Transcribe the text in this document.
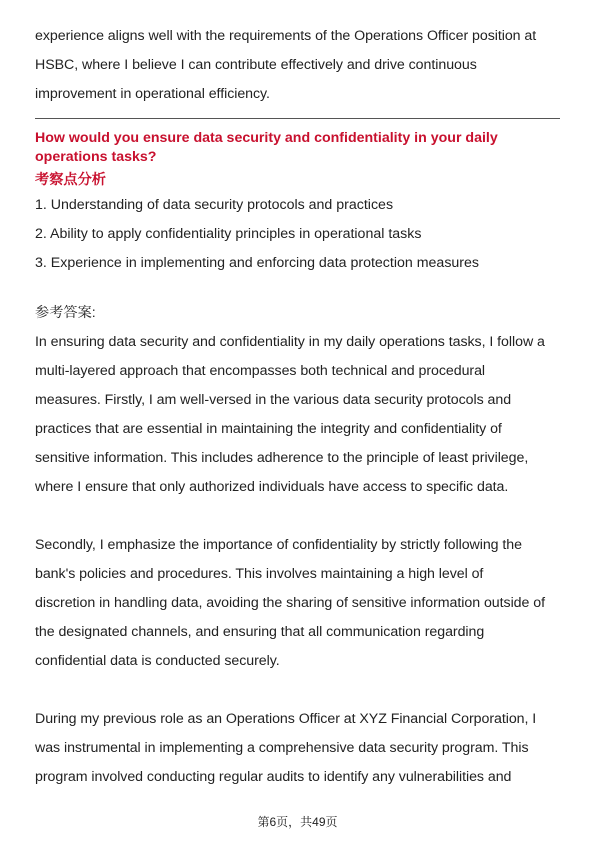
experience aligns well with the requirements of the Operations Officer position at

HSBC, where I believe I can contribute effectively and drive continuous

improvement in operational efficiency.

How would you ensure data security and confidentiality in your daily

operations tasks?

考察点分析

1. Understanding of data security protocols and practices

2. Ability to apply confidentiality principles in operational tasks

3. Experience in implementing and enforcing data protection measures

参考答案:

In ensuring data security and confidentiality in my daily operations tasks, I follow a

multi-layered approach that encompasses both technical and procedural

measures. Firstly, I am well-versed in the various data security protocols and

practices that are essential in maintaining the integrity and confidentiality of

sensitive information. This includes adherence to the principle of least privilege,

where I ensure that only authorized individuals have access to specific data.

Secondly, I emphasize the importance of confidentiality by strictly following the

bank's policies and procedures. This involves maintaining a high level of

discretion in handling data, avoiding the sharing of sensitive information outside of

the designated channels, and ensuring that all communication regarding

confidential data is conducted securely.

During my previous role as an Operations Officer at XYZ Financial Corporation, I

was instrumental in implementing a comprehensive data security program. This

program involved conducting regular audits to identify any vulnerabilities and

第6页，共49页
